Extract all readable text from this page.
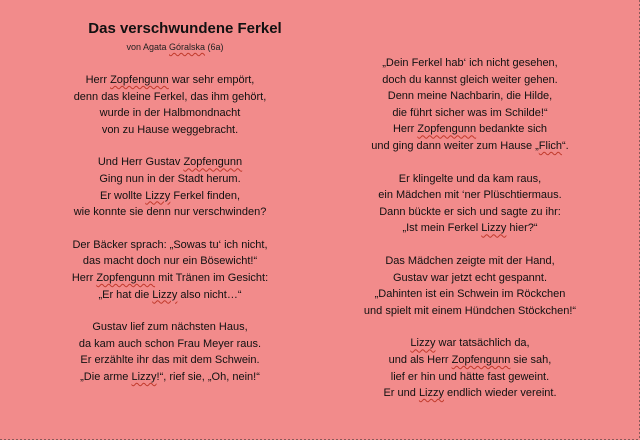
Das verschwundene Ferkel
von Agata Góralska (6a)
Herr Zopfengunn war sehr empört,
denn das kleine Ferkel, das ihm gehört,
wurde in der Halbmondnacht
von zu Hause weggebracht.
Und Herr Gustav Zopfengunn
Ging nun in der Stadt herum.
Er wollte Lizzy Ferkel finden,
wie konnte sie denn nur verschwinden?
Der Bäcker sprach: „Sowas tu‘ ich nicht,
das macht doch nur ein Bösewicht!“
Herr Zopfengunn mit Tränen im Gesicht:
„Er hat die Lizzy also nicht…“
Gustav lief zum nächsten Haus,
da kam auch schon Frau Meyer raus.
Er erzählte ihr das mit dem Schwein.
„Die arme Lizzy!“, rief sie, „Oh, nein!“
„Dein Ferkel hab‘ ich nicht gesehen,
doch du kannst gleich weiter gehen.
Denn meine Nachbarin, die Hilde,
die führt sicher was im Schilde!“
Herr Zopfengunn bedankte sich
und ging dann weiter zum Hause „Flich“.
Er klingelte und da kam raus,
ein Mädchen mit ‘ner Plüschtiermaus.
Dann bückte er sich und sagte zu ihr:
„Ist mein Ferkel Lizzy hier?“
Das Mädchen zeigte mit der Hand,
Gustav war jetzt echt gespannt.
„Dahinten ist ein Schwein im Röckchen
und spielt mit einem Hündchen Stöckchen!“
Lizzy war tatsächlich da,
und als Herr Zopfengunn sie sah,
lief er hin und hätte fast geweint.
Er und Lizzy endlich wieder vereint.
